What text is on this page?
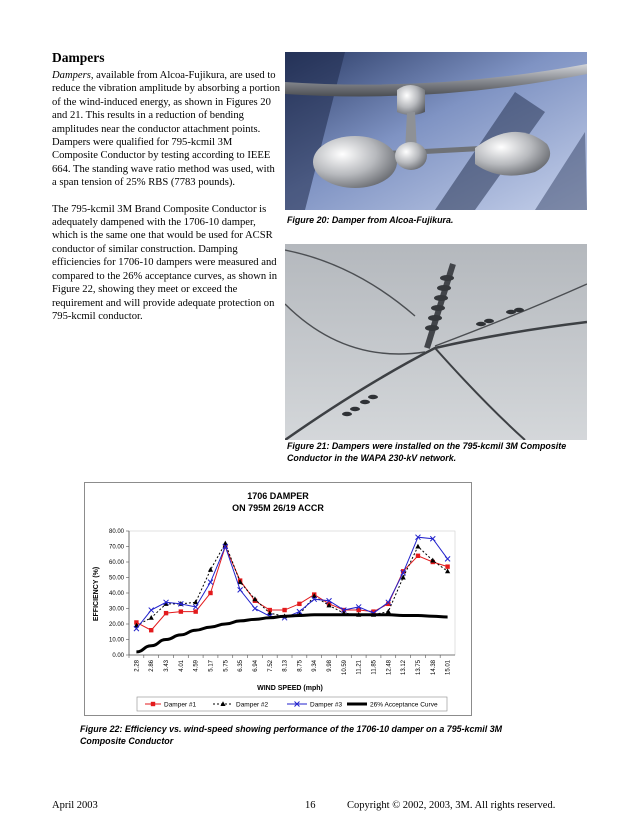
Dampers

Dampers, available from Alcoa-Fujikura, are used to reduce the vibration amplitude by absorbing a portion of the wind-induced energy, as shown in Figures 20 and 21. This results in a reduction of bending amplitudes near the conductor attachment points. Dampers were qualified for 795-kcmil 3M Composite Conductor by testing according to IEEE 664. The standing wave ratio method was used, with a span tension of 25% RBS (7783 pounds).

The 795-kcmil 3M Brand Composite Conductor is adequately dampened with the 1706-10 damper, which is the same one that would be used for ACSR conductor of similar construction. Damping efficiencies for 1706-10 dampers were measured and compared to the 26% acceptance curves, as shown in Figure 22, showing they meet or exceed the requirement and will provide adequate protection on 795-kcmil conductor.

Figure 20: Damper from Alcoa-Fujikura.
Figure 21: Dampers were installed on the 795-kcmil 3M Composite Conductor in the WAPA 230-kV network.
1706 DAMPER
ON 795M 26/19 ACCR
EFFICIENCY (%)
WIND SPEED (mph)
0.00
10.00
20.00
30.00
40.00
50.00
60.00
70.00
80.00
2.28 2.86 3.43 4.01 4.59 5.17 5.75 6.35 6.94 7.52 8.13 8.75 9.34 9.98 10.59 11.21 11.85 12.48 13.12 13.75 14.38 15.01
Damper #1	Damper #2	Damper #3	26% Acceptance Curve
Figure 22: Efficiency vs. wind-speed showing performance of the 1706-10 damper on a 795-kcmil 3M Composite Conductor
April 2003	16	Copyright © 2002, 2003, 3M. All rights reserved.
